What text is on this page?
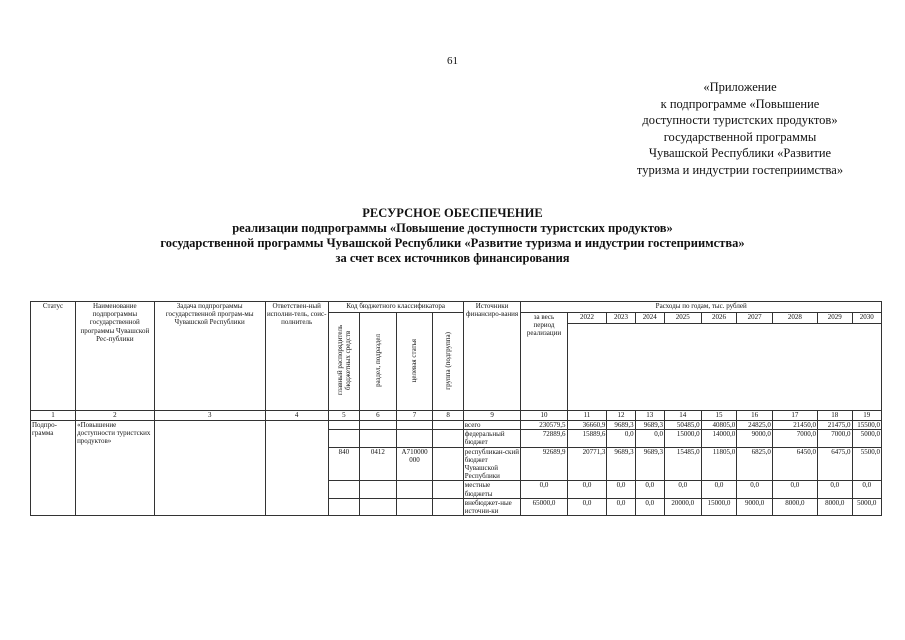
61
«Приложение
к подпрограмме «Повышение
доступности туристских продуктов»
государственной программы
Чувашской Республики «Развитие
туризма и индустрии гостеприимства»
РЕСУРСНОЕ ОБЕСПЕЧЕНИЕ
реализации подпрограммы «Повышение доступности туристских продуктов»
государственной программы Чувашской Республики «Развитие туризма и индустрии гостеприимства»
за счет всех источников финансирования
Статус	Наименование подпрограммы государственной программы Чувашской Рес-публики	Задача подпрограммы государственной програм-мы Чувашской Республики	Ответствен-ный исполни-тель, соис-полнитель	Код бюджетного классификатора				Источники финансиро-вания	Расходы по годам, тыс. рублей									
				главный распорядитель бюджетных средств	раздел, подраздел	целевая статья	группа (подгруппа)		за весь период реализации	2022	2023	2024	2025	2026	2027	2028	2029	2030

1	2	3	4	5	6	7	8	9	10	11	12	13	14	15	16	17	18	19
Подпро-грамма	«Повышение доступности туристских продуктов»							всего	230579,5	36660,9	9689,3	9689,3	50485,0	40805,0	24825,0	21450,0	21475,0	15500,0
								федеральный бюджет	72889,6	15889,6	0,0	0,0	15000,0	14000,0	9000,0	7000,0	7000,0	5000,0
				840	0412	А710000 000		республикан-ский бюджет Чувашской Республики	92689,9	20771,3	9689,3	9689,3	15485,0	11805,0	6825,0	6450,0	6475,0	5500,0
								местные бюджеты	0,0	0,0	0,0	0,0	0,0	0,0	0,0	0,0	0,0	0,0
								внебюджет-ные источни-ки	65000,0	0,0	0,0	0,0	20000,0	15000,0	9000,0	8000,0	8000,0	5000,0
